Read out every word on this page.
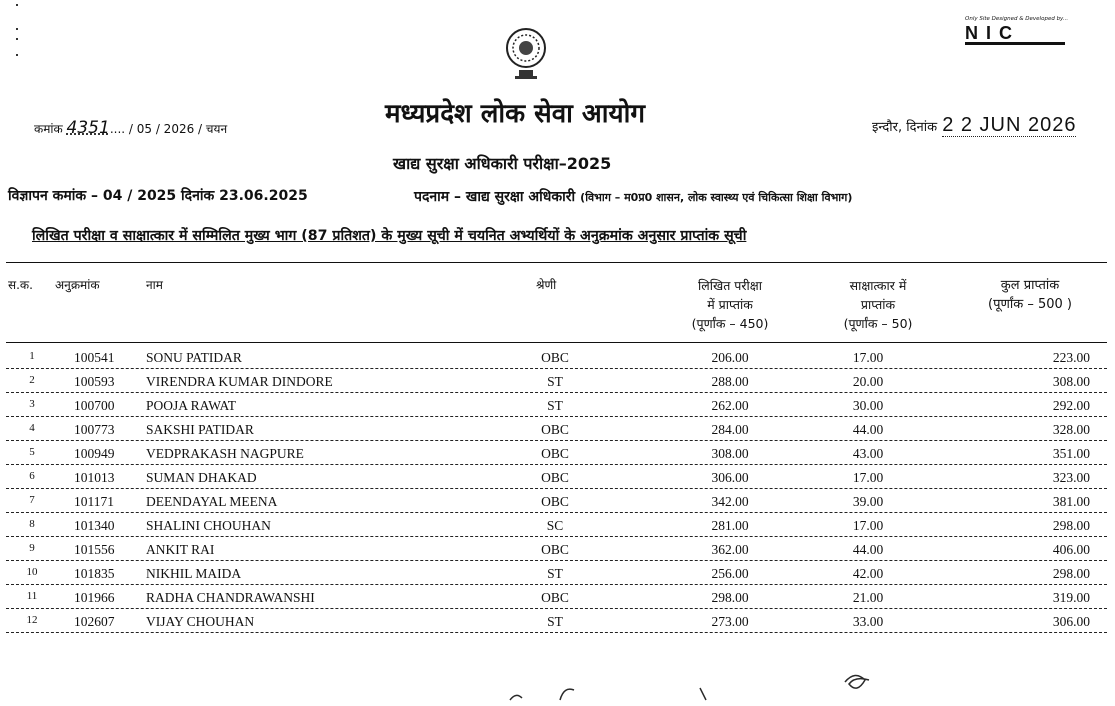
Only Site Designed & Developed by...
NIC
मध्यप्रदेश लोक सेवा आयोग
कमांक 4351.... / 05 / 2026 / चयन	इन्दौर, दिनांक 2 2 JUN 2026
खाद्य सुरक्षा अधिकारी परीक्षा–2025
विज्ञापन कमांक – 04 / 2025 दिनांक 23.06.2025	पदनाम – खाद्य सुरक्षा अधिकारी (विभाग – म0प्र0 शासन, लोक स्वास्थ्य एवं चिकित्सा शिक्षा विभाग)
लिखित परीक्षा व साक्षात्कार में सम्मिलित मुख्य भाग (87 प्रतिशत) के मुख्य सूची में चयनित अभ्यर्थियों के अनुक्रमांक अनुसार प्राप्तांक सूची
स.क. अनुक्रमांक	नाम	श्रेणी	लिखित परीक्षा
में प्राप्तांक
(पूर्णांक – 450)
साक्षात्कार में
प्राप्तांक
(पूर्णांक – 50)
कुल प्राप्तांक
(पूर्णांक – 500 )
1	100541	SONU PATIDAR	OBC	206.00	17.00	223.00
2	100593	VIRENDRA KUMAR DINDORE	ST	288.00	20.00	308.00
3	100700	POOJA RAWAT	ST	262.00	30.00	292.00
4	100773	SAKSHI PATIDAR	OBC	284.00	44.00	328.00
5	100949	VEDPRAKASH NAGPURE	OBC	308.00	43.00	351.00
6	101013	SUMAN DHAKAD	OBC	306.00	17.00	323.00
7	101171	DEENDAYAL MEENA	OBC	342.00	39.00	381.00
8	101340	SHALINI CHOUHAN	SC	281.00	17.00	298.00
9	101556	ANKIT RAI	OBC	362.00	44.00	406.00
10	101835	NIKHIL MAIDA	ST	256.00	42.00	298.00
11	101966	RADHA CHANDRAWANSHI	OBC	298.00	21.00	319.00
12	102607	VIJAY CHOUHAN	ST	273.00	33.00	306.00
